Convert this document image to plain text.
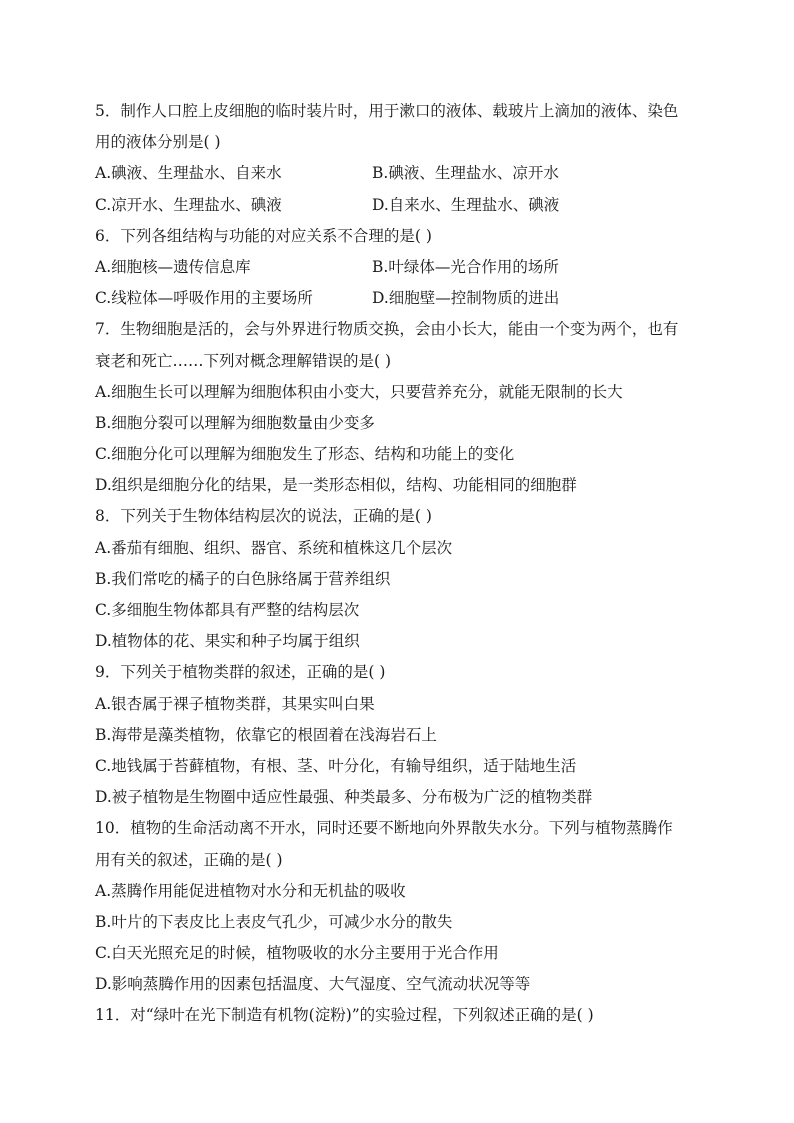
5．制作人口腔上皮细胞的临时装片时，用于漱口的液体、载玻片上滴加的液体、染色
用的液体分别是( )
A.碘液、生理盐水、自来水	B.碘液、生理盐水、凉开水
C.凉开水、生理盐水、碘液	D.自来水、生理盐水、碘液
6．下列各组结构与功能的对应关系不合理的是( )
A.细胞核—遗传信息库	B.叶绿体—光合作用的场所
C.线粒体—呼吸作用的主要场所	D.细胞壁—控制物质的进出
7．生物细胞是活的，会与外界进行物质交换，会由小长大，能由一个变为两个，也有
衰老和死亡……下列对概念理解错误的是( )
A.细胞生长可以理解为细胞体积由小变大，只要营养充分，就能无限制的长大
B.细胞分裂可以理解为细胞数量由少变多
C.细胞分化可以理解为细胞发生了形态、结构和功能上的变化
D.组织是细胞分化的结果，是一类形态相似，结构、功能相同的细胞群
8．下列关于生物体结构层次的说法，正确的是( )
A.番茄有细胞、组织、器官、系统和植株这几个层次
B.我们常吃的橘子的白色脉络属于营养组织
C.多细胞生物体都具有严整的结构层次
D.植物体的花、果实和种子均属于组织
9．下列关于植物类群的叙述，正确的是( )
A.银杏属于裸子植物类群，其果实叫白果
B.海带是藻类植物，依靠它的根固着在浅海岩石上
C.地钱属于苔藓植物，有根、茎、叶分化，有输导组织，适于陆地生活
D.被子植物是生物圈中适应性最强、种类最多、分布极为广泛的植物类群
10．植物的生命活动离不开水，同时还要不断地向外界散失水分。下列与植物蒸腾作
用有关的叙述，正确的是( )
A.蒸腾作用能促进植物对水分和无机盐的吸收
B.叶片的下表皮比上表皮气孔少，可减少水分的散失
C.白天光照充足的时候，植物吸收的水分主要用于光合作用
D.影响蒸腾作用的因素包括温度、大气湿度、空气流动状况等等
11．对“绿叶在光下制造有机物(淀粉)”的实验过程，下列叙述正确的是( )
